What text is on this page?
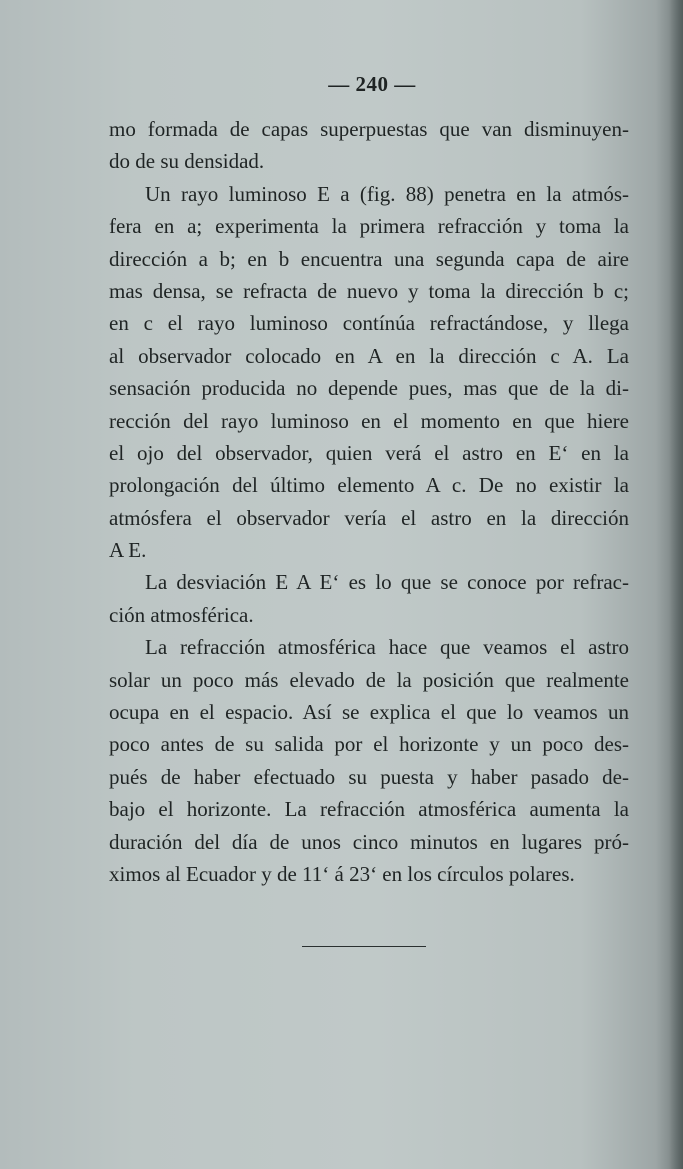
— 240 —
mo formada de capas superpuestas que van disminuyen-
do de su densidad.
Un rayo luminoso E a (fig. 88) penetra en la atmós-
fera en a; experimenta la primera refracción y toma la
dirección a b; en b encuentra una segunda capa de aire
mas densa, se refracta de nuevo y toma la dirección b c;
en c el rayo luminoso contínúa refractándose, y llega
al observador colocado en A en la dirección c A. La
sensación producida no depende pues, mas que de la di-
rección del rayo luminoso en el momento en que hiere
el ojo del observador, quien verá el astro en E‘ en la
prolongación del último elemento A c. De no existir la
atmósfera el observador vería el astro en la dirección
A E.
La desviación E A E‘ es lo que se conoce por refrac-
ción atmosférica.
La refracción atmosférica hace que veamos el astro
solar un poco más elevado de la posición que realmente
ocupa en el espacio. Así se explica el que lo veamos un
poco antes de su salida por el horizonte y un poco des-
pués de haber efectuado su puesta y haber pasado de-
bajo el horizonte. La refracción atmosférica aumenta la
duración del día de unos cinco minutos en lugares pró-
ximos al Ecuador y de 11‘ á 23‘ en los círculos polares.
